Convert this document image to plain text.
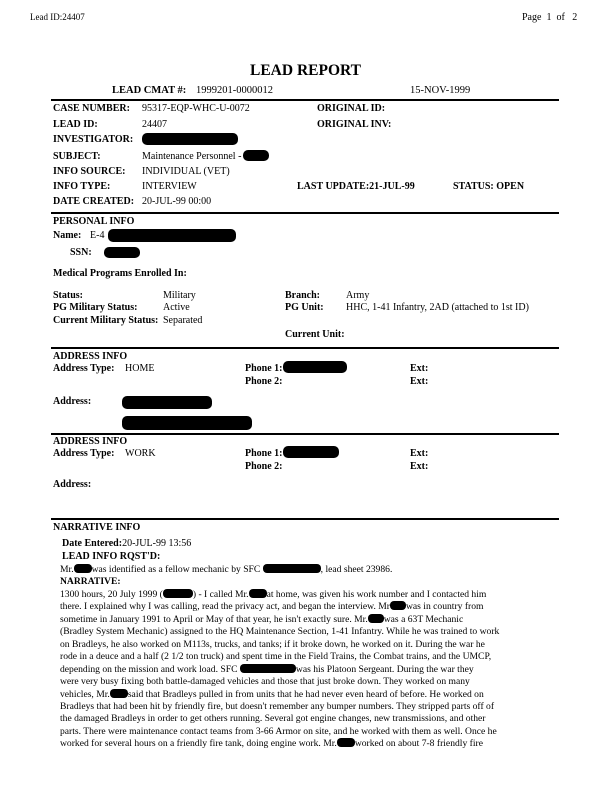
Lead ID:24407	Page 1 of 2
LEAD REPORT
LEAD CMAT #: 1999201-0000012	15-NOV-1999
CASE NUMBER: 95317-EQP-WHC-U-0072	ORIGINAL ID:
LEAD ID:	24407	ORIGINAL INV:
INVESTIGATOR:
SUBJECT:	Maintenance Personnel -
INFO SOURCE: INDIVIDUAL (VET)
INFO TYPE:	INTERVIEW	LAST UPDATE:21-JUL-99	STATUS: OPEN
DATE CREATED: 20-JUL-99 00:00
PERSONAL INFO
Name: E-4
SSN:
Medical Programs Enrolled In:
Status:	Military	Branch:	Army
PG Military Status:	Active	PG Unit: HHC, 1-41 Infantry, 2AD (attached to 1st ID)
Current Military Status: Separated
Current Unit:
ADDRESS INFO
Address Type: HOME	Phone 1:	Ext:
Phone 2:	Ext:
Address:
ADDRESS INFO
Address Type: WORK	Phone 1:	Ext:
Phone 2:	Ext:
Address:
NARRATIVE INFO
Date Entered:20-JUL-99 13:56
LEAD INFO RQST'D:

Mr. was identified as a fellow mechanic by SFC	, lead sheet 23986.

NARRATIVE:

1300 hours, 20 July 1999 (	) - I called Mr. at home, was given his work number and I contacted him

there. I explained why I was calling, read the privacy act, and began the interview. Mr was in country from

sometime in January 1991 to April or May of that year, he isn't exactly sure. Mr. was a 63T Mechanic

(Bradley System Mechanic) assigned to the HQ Maintenance Section, 1-41 Infantry. While he was trained to work

on Bradleys, he also worked on M113s, trucks, and tanks; if it broke down, he worked on it. During the war he

rode in a deuce and a half (2 1/2 ton truck) and spent time in the Field Trains, the Combat trains, and the UMCP,

depending on the mission and work load. SFC	was his Platoon Sergeant. During the war they

were very busy fixing both battle-damaged vehicles and those that just broke down. They worked on many

vehicles, Mr. said that Bradleys pulled in from units that he had never even heard of before. He worked on

Bradleys that had been hit by friendly fire, but doesn't remember any bumper numbers. They stripped parts off of

the damaged Bradleys in order to get others running. Several got engine changes, new transmissions, and other

parts. There were maintenance contact teams from 3-66 Armor on site, and he worked with them as well. Once he

worked for several hours on a friendly fire tank, doing engine work. Mr. worked on about 7-8 friendly fire
